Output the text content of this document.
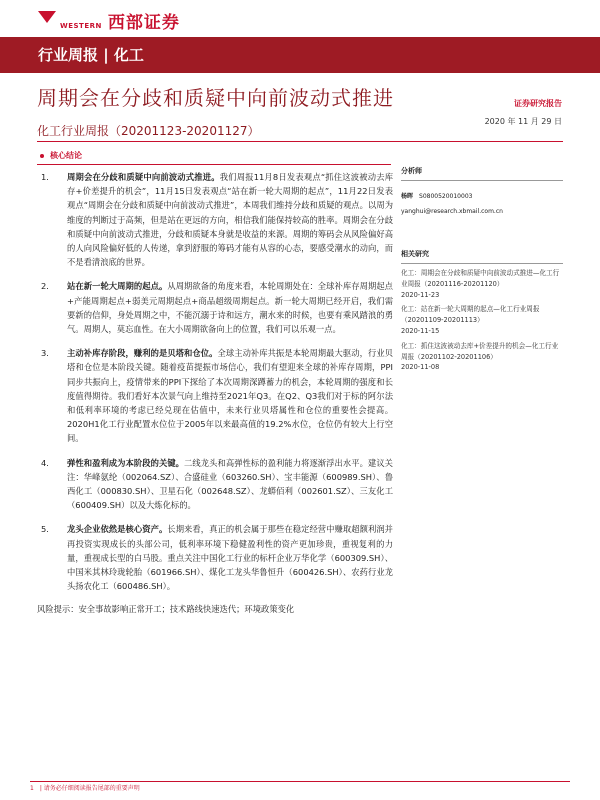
WESTERN 西部证券
行业周报 | 化工
周期会在分歧和质疑中向前波动式推进	证券研究报告
2020 年 11 月 29 日
化工行业周报（20201123-20201127）
核心结论
1.	周期会在分歧和质疑中向前波动式推进。我们周报11月8日发表观点“抓住这波被动去库存+价差提升的机会”，11月15日发表观点“站在新一轮大周期的起点”，11月22日发表观点“周期会在分歧和质疑中向前波动式推进”，本周我们维持分歧和质疑的观点。以周为维度的判断过于高频，但是站在更远的方向，相信我们能保持较高的胜率。周期会在分歧和质疑中向前波动式推进，分歧和质疑本身就是收益的来源。周期的筹码会从风险偏好高的人向风险偏好低的人传递，拿到舒服的筹码才能有从容的心态，要感受潮水的动向，而不是看清浪底的世界。
2.	站在新一轮大周期的起点。从周期欲备的角度来看，本轮周期处在：全球补库存周期起点+产能周期起点+弱美元周期起点+商品超级周期起点。新一轮大周期已经开启，我们需要新的信仰，身处周期之中，不能沉溺于诗和远方，潮水来的时候，也要有乘风踏浪的勇气。周期人，莫忘血性。在大小周期欲备向上的位置，我们可以乐观一点。
3.	主动补库存阶段，赚利的是贝塔和仓位。全球主动补库共振是本轮周期最大驱动，行业贝塔和仓位是本阶段关键。随着疫苗提振市场信心，我们有望迎来全球的补库存周期，PPI同步共振向上，疫情带来的PPI下探给了本次周期深蹲蓄力的机会，本轮周期的强度和长度值得期待。我们看好本次景气向上维持至2021年Q3。在Q2、Q3我们对于标的阿尔法和低利率环境的考虑已经兑现在估值中，未来行业贝塔属性和仓位的重要性会提高。2020H1化工行业配置水位位于2005年以来最高值的19.2%水位，仓位仍有较大上行空间。
4.	弹性和盈利成为本阶段的关键。二线龙头和高弹性标的盈利能力将逐渐浮出水平。建议关注：华峰氨纶（002064.SZ）、合盛硅业（603260.SH）、宝丰能源（600989.SH）、鲁西化工（000830.SH）、卫星石化（002648.SZ）、龙蟒佰利（002601.SZ）、三友化工（600409.SH）以及大炼化标的。
5.	龙头企业依然是核心资产。长期来看，真正的机会属于那些在稳定经营中赚取超额利润并再投资实现成长的头部公司，低利率环境下稳健盈利性的资产更加珍贵，重视复利的力量，重视成长型的白马股。重点关注中国化工行业的标杆企业万华化学（600309.SH）、中国米其林玲珑轮胎（601966.SH）、煤化工龙头华鲁恒升（600426.SH）、农药行业龙头扬农化工（600486.SH）。
风险提示：安全事故影响正常开工；技术路线快速迭代；环境政策变化
分析师
杨晖 S0800520010003
yanghui@research.xbmail.com.cn
相关研究
化工：周期会在分歧和质疑中向前波动式推进—化工行业周报（20201116-20201120）
2020-11-23
化工：站在新一轮大周期的起点—化工行业周报（20201109-20201113）
2020-11-15
化工：抓住这波被动去库+价差提升的机会—化工行业周报（20201102-20201106）
2020-11-08
1 | 请务必仔细阅读报告尾部的重要声明
